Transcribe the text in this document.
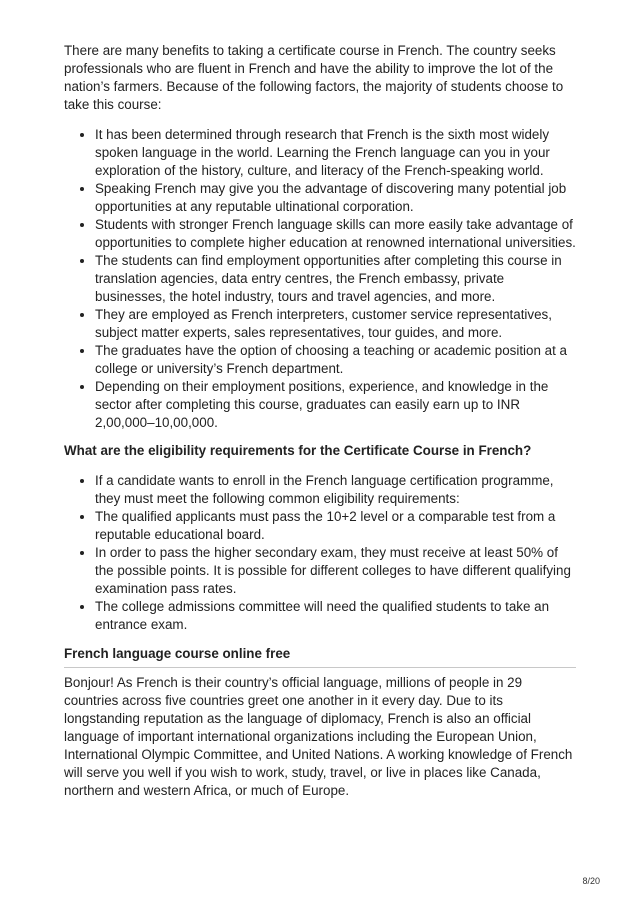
There are many benefits to taking a certificate course in French. The country seeks professionals who are fluent in French and have the ability to improve the lot of the nation’s farmers. Because of the following factors, the majority of students choose to take this course:

It has been determined through research that French is the sixth most widely spoken language in the world. Learning the French language can you in your exploration of the history, culture, and literacy of the French-speaking world.
Speaking French may give you the advantage of discovering many potential job opportunities at any reputable ultinational corporation.
Students with stronger French language skills can more easily take advantage of opportunities to complete higher education at renowned international universities.
The students can find employment opportunities after completing this course in translation agencies, data entry centres, the French embassy, private businesses, the hotel industry, tours and travel agencies, and more.
They are employed as French interpreters, customer service representatives, subject matter experts, sales representatives, tour guides, and more.
The graduates have the option of choosing a teaching or academic position at a college or university’s French department.
Depending on their employment positions, experience, and knowledge in the sector after completing this course, graduates can easily earn up to INR 2,00,000–10,00,000.

What are the eligibility requirements for the Certificate Course in French?

If a candidate wants to enroll in the French language certification programme, they must meet the following common eligibility requirements:
The qualified applicants must pass the 10+2 level or a comparable test from a reputable educational board.
In order to pass the higher secondary exam, they must receive at least 50% of the possible points. It is possible for different colleges to have different qualifying examination pass rates.
The college admissions committee will need the qualified students to take an entrance exam.

French language course online free

Bonjour! As French is their country’s official language, millions of people in 29 countries across five countries greet one another in it every day. Due to its longstanding reputation as the language of diplomacy, French is also an official language of important international organizations including the European Union, International Olympic Committee, and United Nations. A working knowledge of French will serve you well if you wish to work, study, travel, or live in places like Canada, northern and western Africa, or much of Europe.

8/20
